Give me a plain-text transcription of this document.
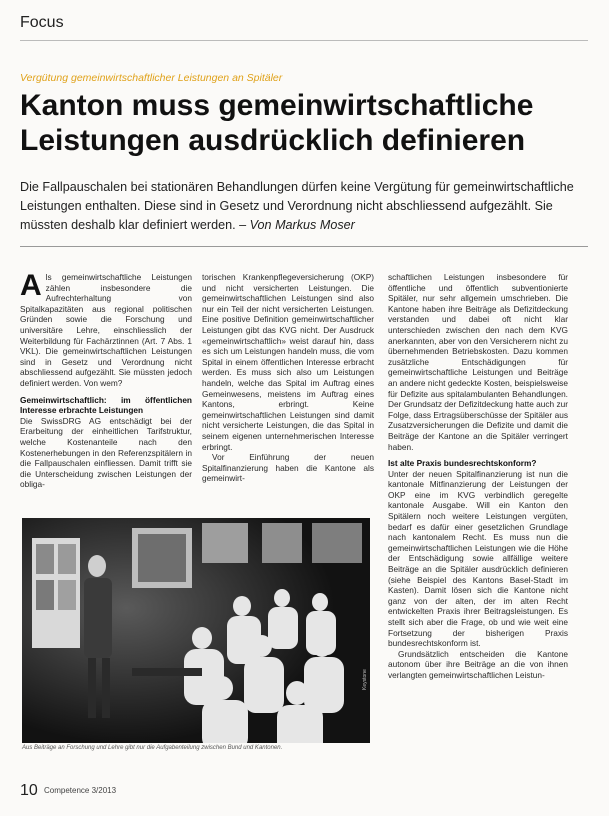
Focus
Vergütung gemeinwirtschaftlicher Leistungen an Spitäler
Kanton muss gemeinwirtschaftliche Leistungen ausdrücklich definieren
Die Fallpauschalen bei stationären Behandlungen dürfen keine Vergütung für gemeinwirtschaftliche Leistungen enthalten. Diese sind in Gesetz und Verordnung nicht abschliessend aufgezählt. Sie müssten deshalb klar definiert werden. – Von Markus Moser

Als gemeinwirtschaftliche Leistungen zählen insbesondere die Aufrechterhaltung von Spitalkapazitäten aus regional politischen Gründen sowie die Forschung und universitäre Lehre, einschliesslich der Weiterbildung für Fachärztinnen (Art. 7 Abs. 1 VKL). Die gemeinwirtschaftlichen Leistungen sind in Gesetz und Verordnung nicht abschliessend aufgezählt. Sie müssten jedoch definiert werden. Von wem?

Gemeinwirtschaftlich: im öffentlichen Interesse erbrachte Leistungen

Die SwissDRG AG entschädigt bei der Erarbeitung der einheitlichen Tarifstruktur, welche Kostenanteile nach den Kostenerhebungen in den Referenzspitälern in die Fallpauschalen einfliessen. Damit trifft sie die Unterscheidung zwischen Leistungen der obliga-

torischen Krankenpflegeversicherung (OKP) und nicht versicherten Leistungen. Die gemeinwirtschaftlichen Leistungen sind also nur ein Teil der nicht versicherten Leistungen. Eine positive Definition gemeinwirtschaftlicher Leistungen gibt das KVG nicht. Der Ausdruck «gemeinwirtschaftlich» weist darauf hin, dass es sich um Leistungen handeln muss, die vom Spital in einem öffentlichen Interesse erbracht werden. Es muss sich also um Leistungen handeln, welche das Spital im Auftrag eines Gemeinwesens, meistens im Auftrag eines Kantons, erbringt. Keine gemeinwirtschaftlichen Leistungen sind damit nicht versicherte Leistungen, die das Spital in seinem eigenen unternehmerischen Interesse erbringt.

Vor Einführung der neuen Spitalfinanzierung haben die Kantone als gemeinwirt-

schaftlichen Leistungen insbesondere für öffentliche und öffentlich subventionierte Spitäler, nur sehr allgemein umschrieben. Die Kantone haben ihre Beiträge als Defizitdeckung verstanden und dabei oft nicht klar unterschieden zwischen den nach dem KVG anerkannten, aber von den Versicherern nicht zu übernehmenden Betriebskosten. Dazu kommen zusätzliche Entschädigungen für gemeinwirtschaftliche Leistungen und Beiträge an andere nicht gedeckte Kosten, beispielsweise für Defizite aus spitalambulanten Behandlungen. Der Grundsatz der Defizitdeckung hatte auch zur Folge, dass Ertragsüberschüsse der Spitäler aus Zusatzversicherungen die Defizite und damit die Beiträge der Kantone an die Spitäler verringert haben.

Ist alte Praxis bundesrechtskonform?

Unter der neuen Spitalfinanzierung ist nun die kantonale Mitfinanzierung der Leistungen der OKP eine im KVG verbindlich geregelte kantonale Ausgabe. Will ein Kanton den Spitälern noch weitere Leistungen vergüten, bedarf es dafür einer gesetzlichen Grundlage nach kantonalem Recht. Es muss nun die gemeinwirtschaftlichen Leistungen wie die Höhe der Entschädigung sowie allfällige weitere Beiträge an die Spitäler ausdrücklich definieren (siehe Beispiel des Kantons Basel-Stadt im Kasten). Damit lösen sich die Kantone nicht ganz von der alten, der im alten Recht entwickelten Praxis ihrer Beitragsleistungen. Es stellt sich aber die Frage, ob und wie weit eine Fortsetzung der bisherigen Praxis bundesrechtskonform ist.

Grundsätzlich entscheiden die Kantone autonom über ihre Beiträge an die von ihnen verlangten gemeinwirtschaftlichen Leistun-

Keystone
Aus Beiträge an Forschung und Lehre gibt nur die Aufgabenteilung zwischen Bund und Kantonen.
10 Competence 3/2013
